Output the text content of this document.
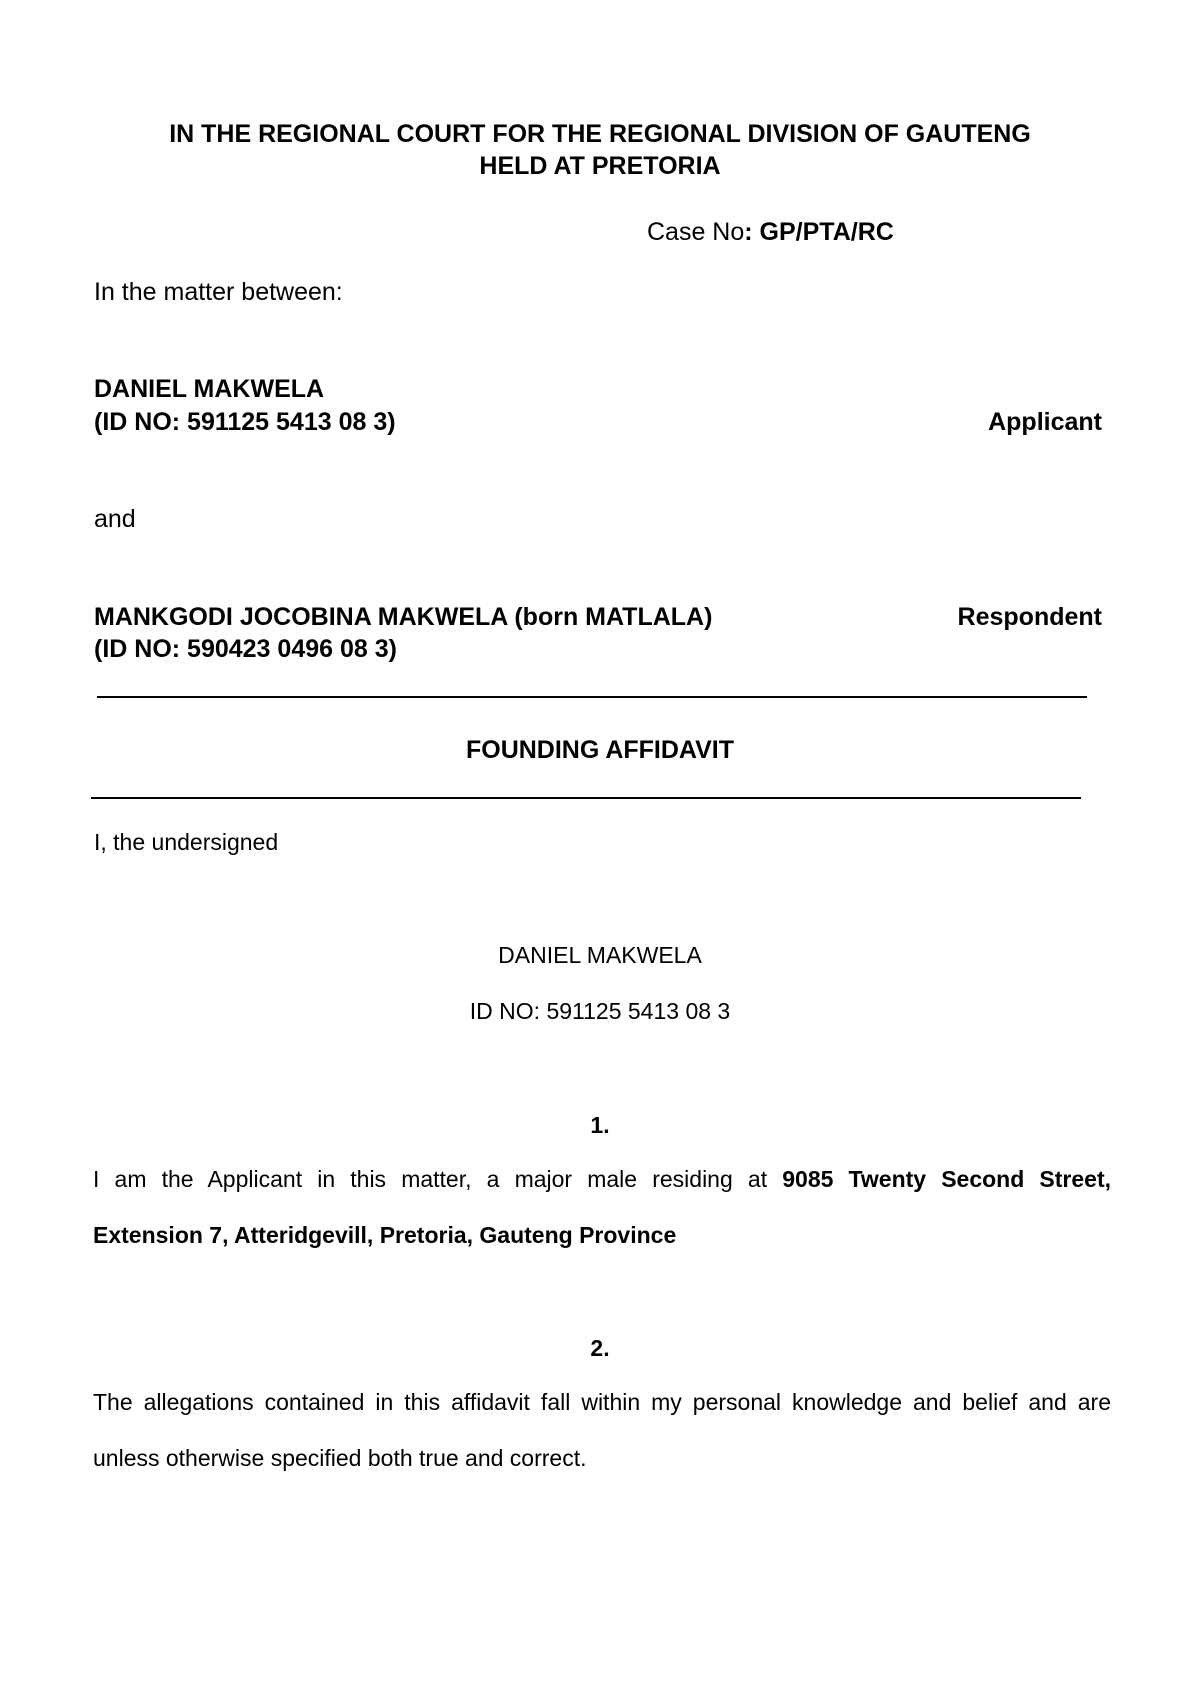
IN THE REGIONAL COURT FOR THE REGIONAL DIVISION OF GAUTENG
HELD AT PRETORIA
Case No: GP/PTA/RC
In the matter between:
DANIEL MAKWELA
(ID NO: 591125 5413 08 3)	Applicant
and
MANKGODI JOCOBINA MAKWELA (born MATLALA)	Respondent
(ID NO: 590423 0496 08 3)
FOUNDING AFFIDAVIT
I, the undersigned
DANIEL MAKWELA
ID NO: 591125 5413 08 3
1.
I am the Applicant in this matter, a major male residing at 9085 Twenty Second Street,
Extension 7, Atteridgevill, Pretoria, Gauteng Province
2.
The allegations contained in this affidavit fall within my personal knowledge and belief and are
unless otherwise specified both true and correct.
